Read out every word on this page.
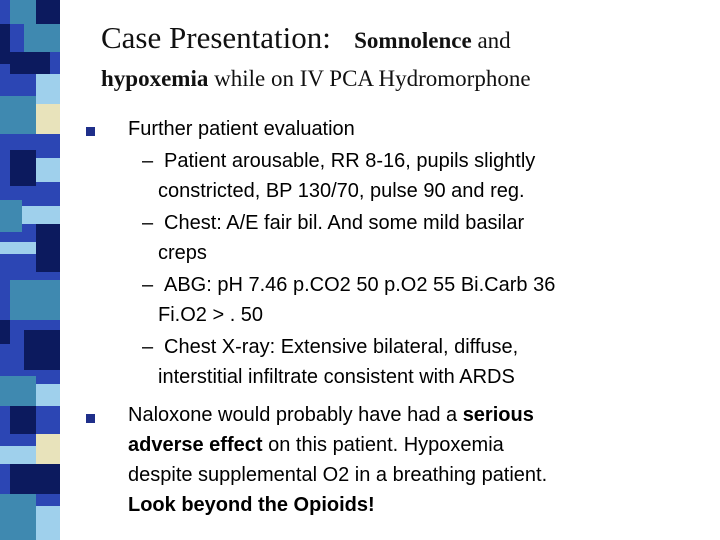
Case Presentation: Somnolence and
hypoxemia while on IV PCA Hydromorphone
Further patient evaluation
– Patient arousable, RR 8-16, pupils slightly
constricted, BP 130/70, pulse 90 and reg.
– Chest: A/E fair bil. And some mild basilar
creps
– ABG: pH 7.46 p.CO2 50 p.O2 55 Bi.Carb 36
Fi.O2 > . 50
– Chest X-ray: Extensive bilateral, diffuse,
interstitial infiltrate consistent with ARDS
Naloxone would probably have had a serious
adverse effect on this patient. Hypoxemia
despite supplemental O2 in a breathing patient.
Look beyond the Opioids!
